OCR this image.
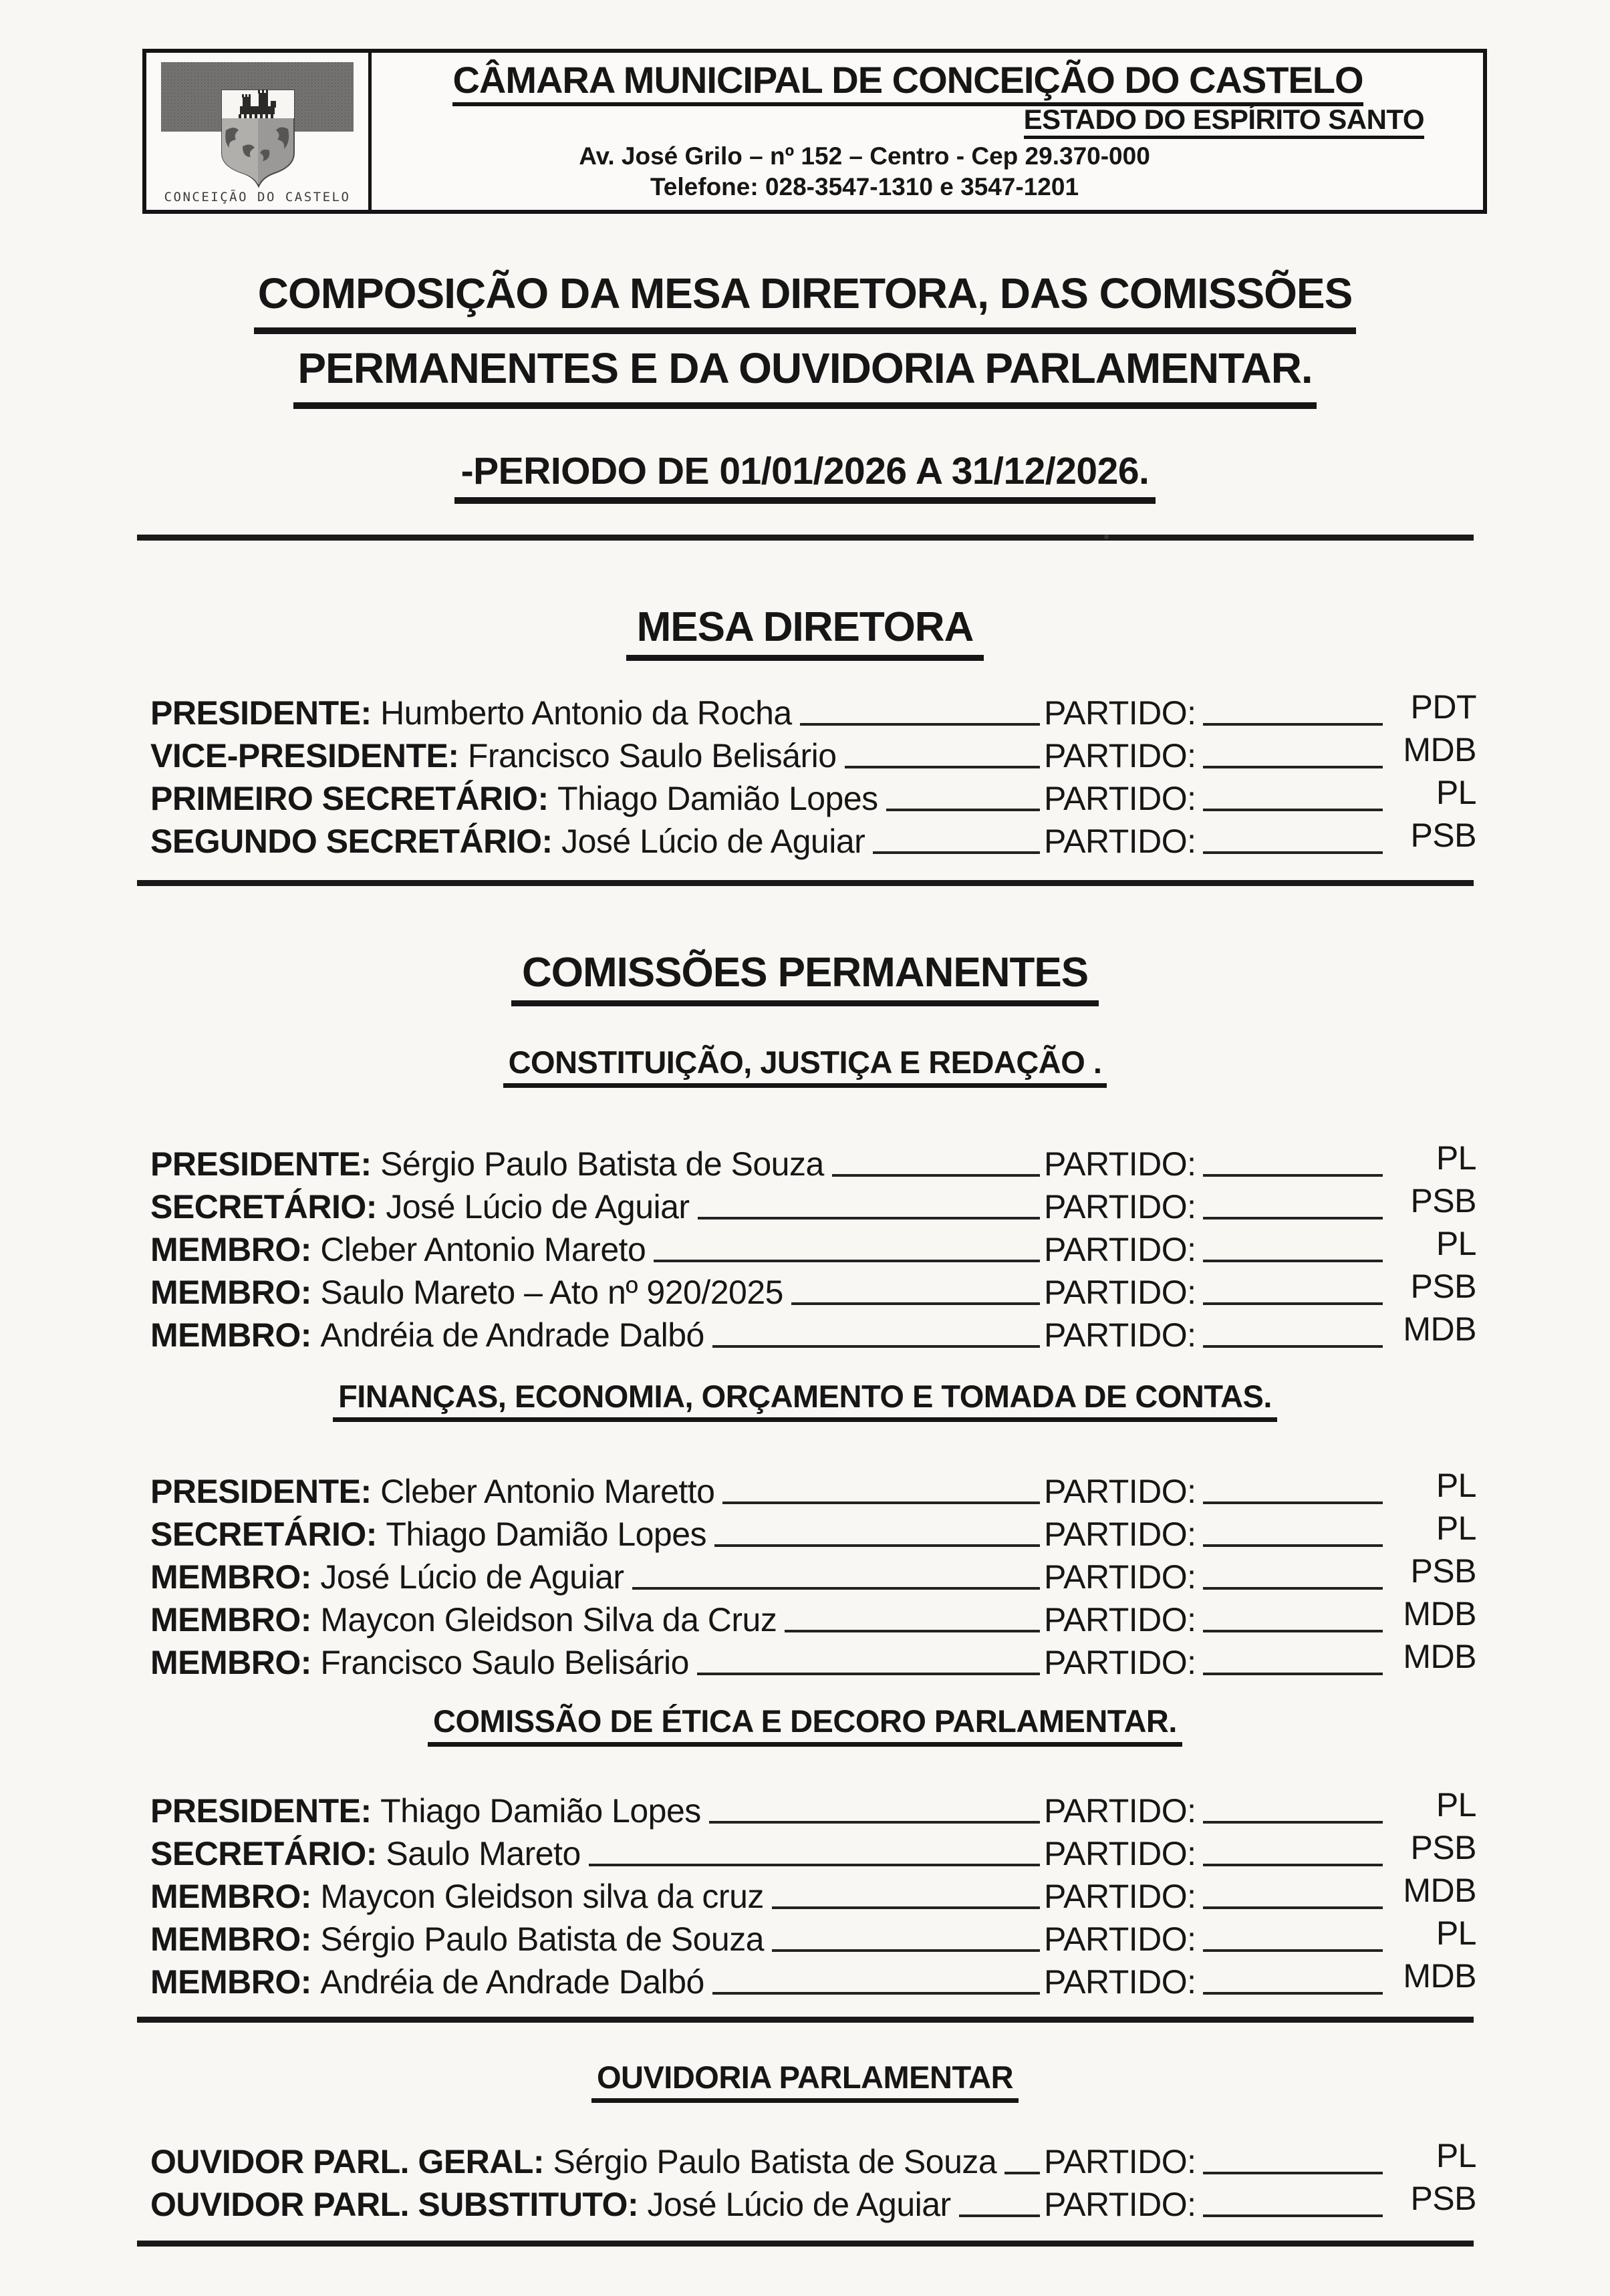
CONCEIÇÃO DO CASTELO
CÂMARA MUNICIPAL DE CONCEIÇÃO DO CASTELO
ESTADO DO ESPÍRITO SANTO
Av. José Grilo – nº 152 – Centro - Cep 29.370-000
Telefone: 028-3547-1310 e 3547-1201
COMPOSIÇÃO DA MESA DIRETORA, DAS COMISSÕES
PERMANENTES E DA OUVIDORIA PARLAMENTAR.
-PERIODO DE 01/01/2026 A 31/12/2026.
MESA DIRETORA
PRESIDENTE: Humberto Antonio da Rocha	PARTIDO:	PDT
VICE-PRESIDENTE: Francisco Saulo Belisário	PARTIDO:	MDB
PRIMEIRO SECRETÁRIO: Thiago Damião Lopes	PARTIDO:	PL
SEGUNDO SECRETÁRIO: José Lúcio de Aguiar	PARTIDO:	PSB
COMISSÕES PERMANENTES
CONSTITUIÇÃO, JUSTIÇA E REDAÇÃO .
PRESIDENTE: Sérgio Paulo Batista de Souza	PARTIDO:	PL
SECRETÁRIO: José Lúcio de Aguiar	PARTIDO:	PSB
MEMBRO: Cleber Antonio Mareto	PARTIDO:	PL
MEMBRO: Saulo Mareto – Ato nº 920/2025	PARTIDO:	PSB
MEMBRO: Andréia de Andrade Dalbó	PARTIDO:	MDB
FINANÇAS, ECONOMIA, ORÇAMENTO E TOMADA DE CONTAS.
PRESIDENTE: Cleber Antonio Maretto	PARTIDO:	PL
SECRETÁRIO: Thiago Damião Lopes	PARTIDO:	PL
MEMBRO: José Lúcio de Aguiar	PARTIDO:	PSB
MEMBRO: Maycon Gleidson Silva da Cruz	PARTIDO:	MDB
MEMBRO: Francisco Saulo Belisário	PARTIDO:	MDB
COMISSÃO DE ÉTICA E DECORO PARLAMENTAR.
PRESIDENTE: Thiago Damião Lopes	PARTIDO:	PL
SECRETÁRIO: Saulo Mareto	PARTIDO:	PSB
MEMBRO: Maycon Gleidson silva da cruz	PARTIDO:	MDB
MEMBRO: Sérgio Paulo Batista de Souza	PARTIDO:	PL
MEMBRO: Andréia de Andrade Dalbó	PARTIDO:	MDB
OUVIDORIA PARLAMENTAR
OUVIDOR PARL. GERAL: Sérgio Paulo Batista de Souza PARTIDO:	PL
OUVIDOR PARL. SUBSTITUTO: José Lúcio de Aguiar	PARTIDO:	PSB
